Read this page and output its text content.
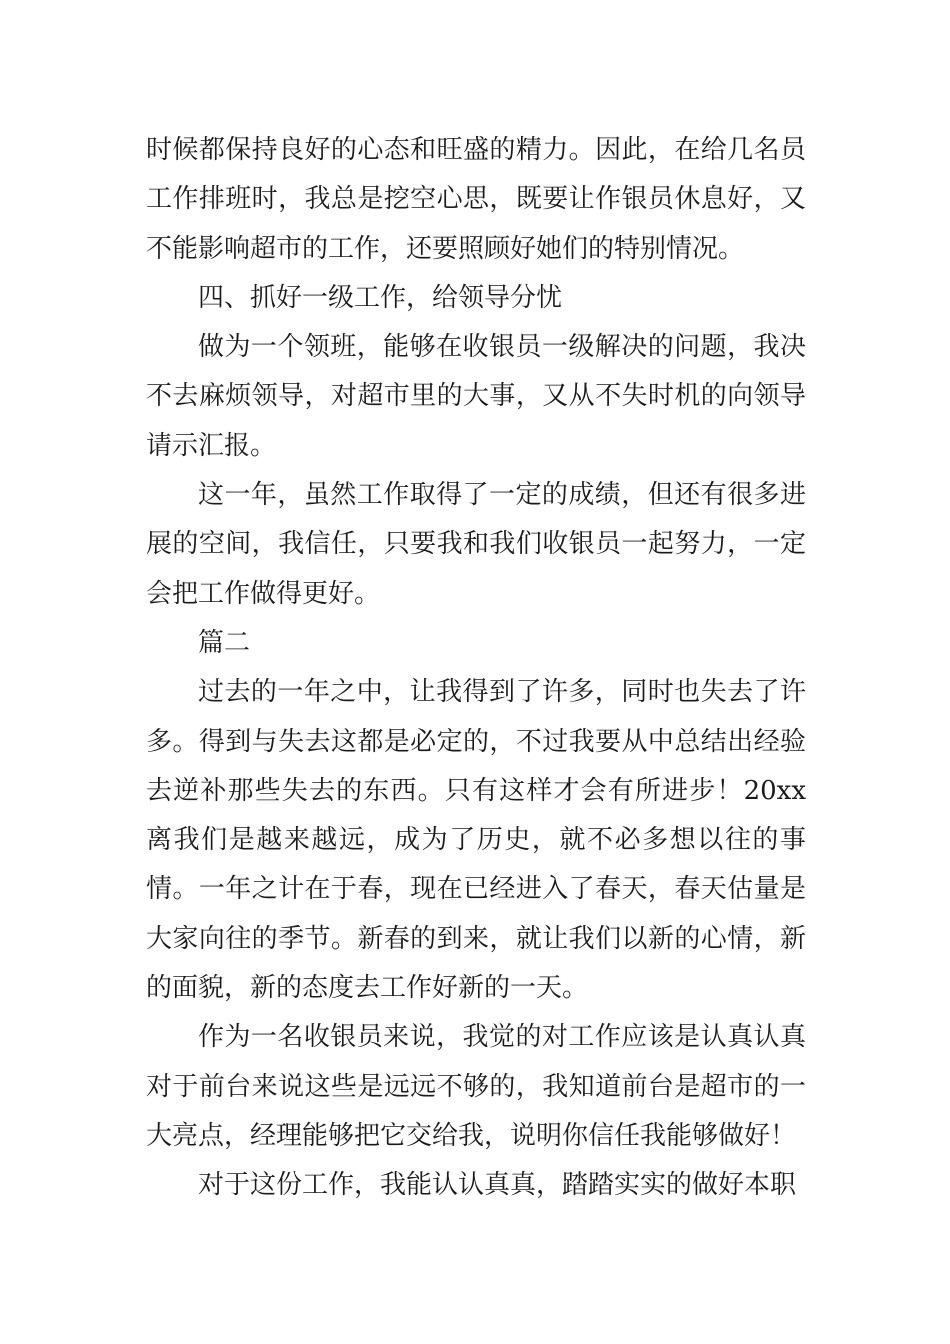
时候都保持良好的心态和旺盛的精力。因此，在给几名员工作排班时，我总是挖空心思，既要让作银员休息好，又不能影响超市的工作，还要照顾好她们的特别情况。

四、抓好一级工作，给领导分忧

做为一个领班，能够在收银员一级解决的问题，我决不去麻烦领导，对超市里的大事，又从不失时机的向领导请示汇报。

这一年，虽然工作取得了一定的成绩，但还有很多进展的空间，我信任，只要我和我们收银员一起努力，一定会把工作做得更好。

篇二

过去的一年之中，让我得到了许多，同时也失去了许多。得到与失去这都是必定的，不过我要从中总结出经验去逆补那些失去的东西。只有这样才会有所进步！20xx离我们是越来越远，成为了历史，就不必多想以往的事情。一年之计在于春，现在已经进入了春天，春天估量是大家向往的季节。新春的到来，就让我们以新的心情，新的面貌，新的态度去工作好新的一天。

作为一名收银员来说，我觉的对工作应该是认真认真对于前台来说这些是远远不够的，我知道前台是超市的一大亮点，经理能够把它交给我，说明你信任我能够做好！

对于这份工作，我能认认真真，踏踏实实的做好本职
